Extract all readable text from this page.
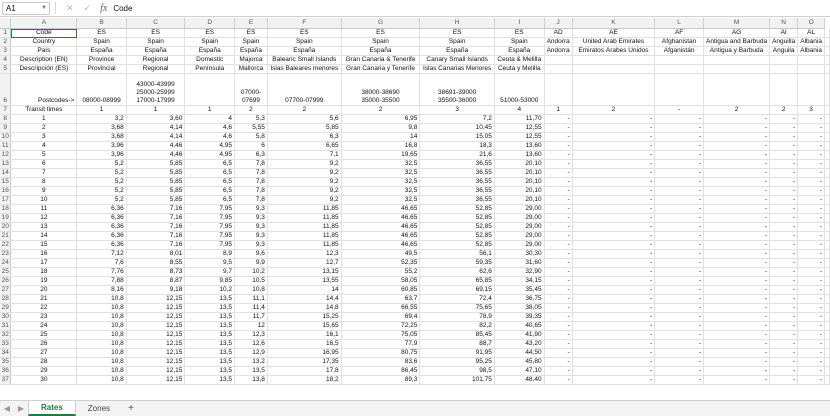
A1	▼ ✕ ✓ fx Code
	A	B	C	D	E	F	G	H	I	J	K	L	M	N	O	
1	Code	ES	ES	ES	ES	ES	ES	ES	ES	AD	AE	AF	AG	AI	AL	
2	Country	Spain	Spain	Spain	Spain	Spain	Spain	Spain	Spain	Andorra	United Arab Emirates	Afghanistan	Antigua and Barbuda	Anguilla	Albania	
3	País	España	España	España	España	España	España	España	España	Andorra	Emiratos Árabes Unidos	Afganistán	Antigua y Barbuda	Anguila	Albania	
4	Description (EN)	Province	Regional	Domestic	Majorca	Balearic Small Islands	Gran Canaria & Tenerife	Canary Small Islands	Ceuta & Melilla							
5	Descripción (ES)	Provincial	Regional	Península	Mallorca	Islas Baleares menores	Gran Canaria y Tenerife	Islas Canarias Menores	Ceuta y Melilla							
6	Postcodes->	08000-08999	43000-43999
25000-25999
17000-17999		07000-07699	07700-07999	38000-38690
35000-35500	38691-39000
35500-36000	51000-53000							
7	Transit times	1	1	1	2	2	2	3	4	1	2	-	2	2	3	
8	1	3,2	3,60	4	5,3	5,6	6,95	7,2	11,70	-	-	-	-	-	-	
9	2	3,68	4,14	4,6	5,55	5,85	9,8	10,45	12,55	-	-	-	-	-	-	
10	3	3,68	4,14	4,6	5,8	6,3	14	15,05	12,55	-	-	-	-	-	-	
11	4	3,96	4,46	4,95	6	6,65	16,8	18,3	13,60	-	-	-	-	-	-	
12	5	3,96	4,46	4,95	6,3	7,1	19,65	21,6	13,60	-	-	-	-	-	-	
13	6	5,2	5,85	6,5	7,8	9,2	32,5	36,55	20,10	-	-	-	-	-	-	
14	7	5,2	5,85	6,5	7,8	9,2	32,5	36,55	20,10	-	-	-	-	-	-	
15	8	5,2	5,85	6,5	7,8	9,2	32,5	36,55	20,10	-	-	-	-	-	-	
16	9	5,2	5,85	6,5	7,8	9,2	32,5	36,55	20,10	-	-	-	-	-	-	
17	10	5,2	5,85	6,5	7,8	9,2	32,5	36,55	20,10	-	-	-	-	-	-	
18	11	6,36	7,16	7,95	9,3	11,85	46,65	52,85	29,00	-	-	-	-	-	-	
19	12	6,36	7,16	7,95	9,3	11,85	46,65	52,85	29,00	-	-	-	-	-	-	
20	13	6,36	7,16	7,95	9,3	11,85	46,65	52,85	29,00	-	-	-	-	-	-	
21	14	6,36	7,16	7,95	9,3	11,85	46,65	52,85	29,00	-	-	-	-	-	-	
22	15	6,36	7,16	7,95	9,3	11,85	46,65	52,85	29,00	-	-	-	-	-	-	
23	16	7,12	8,01	8,9	9,6	12,3	49,5	56,1	30,30	-	-	-	-	-	-	
24	17	7,6	8,55	9,5	9,9	12,7	52,35	59,35	31,60	-	-	-	-	-	-	
25	18	7,76	8,73	9,7	10,2	13,15	55,2	62,6	32,90	-	-	-	-	-	-	
26	19	7,88	8,87	9,85	10,5	13,55	58,05	65,85	34,15	-	-	-	-	-	-	
27	20	8,16	9,18	10,2	10,8	14	60,85	69,15	35,45	-	-	-	-	-	-	
28	21	10,8	12,15	13,5	11,1	14,4	63,7	72,4	36,75	-	-	-	-	-	-	
29	22	10,8	12,15	13,5	11,4	14,8	66,55	75,65	38,05	-	-	-	-	-	-	
30	23	10,8	12,15	13,5	11,7	15,25	69,4	78,9	39,35	-	-	-	-	-	-	
31	24	10,8	12,15	13,5	12	15,65	72,25	82,2	40,65	-	-	-	-	-	-	
32	25	10,8	12,15	13,5	12,3	16,1	75,05	85,45	41,90	-	-	-	-	-	-	
33	26	10,8	12,15	13,5	12,6	16,5	77,9	88,7	43,20	-	-	-	-	-	-	
34	27	10,8	12,15	13,5	12,9	16,95	80,75	91,95	44,50	-	-	-	-	-	-	
35	28	10,8	12,15	13,5	13,2	17,35	83,6	95,25	45,80	-	-	-	-	-	-	
36	29	10,8	12,15	13,5	13,5	17,8	86,45	98,5	47,10	-	-	-	-	-	-	
37	30	10,8	12,15	13,5	13,8	18,2	89,3	101,75	48,40	-	-	-	-	-	-	
◀ ▶	Rates	Zones	+
